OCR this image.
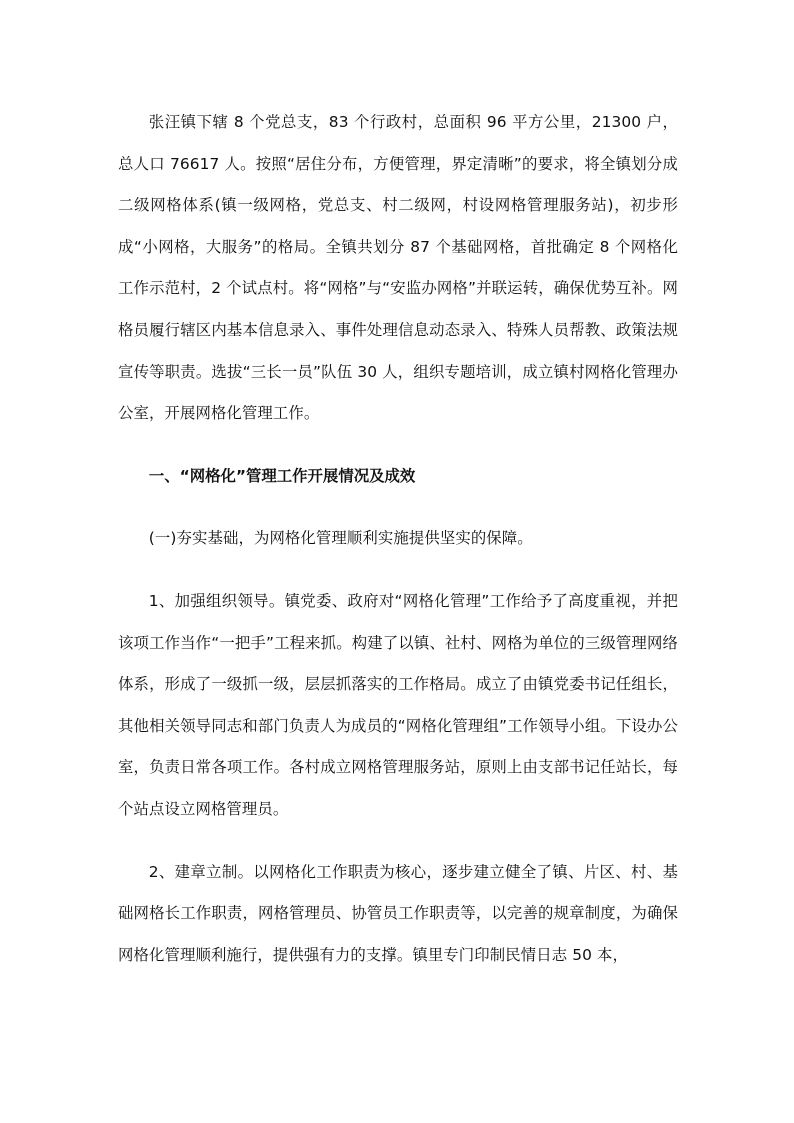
张汪镇下辖 8 个党总支，83 个行政村，总面积 96 平方公里，21300 户，总人口 76617 人。按照“居住分布，方便管理，界定清晰”的要求，将全镇划分成二级网格体系(镇一级网格，党总支、村二级网，村设网格管理服务站)，初步形成“小网格，大服务”的格局。全镇共划分 87 个基础网格，首批确定 8 个网格化工作示范村，2 个试点村。将“网格”与“安监办网格”并联运转，确保优势互补。网格员履行辖区内基本信息录入、事件处理信息动态录入、特殊人员帮教、政策法规宣传等职责。选拔“三长一员”队伍 30 人，组织专题培训，成立镇村网格化管理办公室，开展网格化管理工作。

一、“网格化”管理工作开展情况及成效

(一)夯实基础，为网格化管理顺利实施提供坚实的保障。

1、加强组织领导。镇党委、政府对“网格化管理”工作给予了高度重视，并把该项工作当作“一把手”工程来抓。构建了以镇、社村、网格为单位的三级管理网络体系，形成了一级抓一级，层层抓落实的工作格局。成立了由镇党委书记任组长，其他相关领导同志和部门负责人为成员的“网格化管理组”工作领导小组。下设办公室，负责日常各项工作。各村成立网格管理服务站，原则上由支部书记任站长，每个站点设立网格管理员。

2、建章立制。以网格化工作职责为核心，逐步建立健全了镇、片区、村、基础网格长工作职责，网格管理员、协管员工作职责等，以完善的规章制度，为确保网格化管理顺利施行，提供强有力的支撑。镇里专门印制民情日志 50 本，
